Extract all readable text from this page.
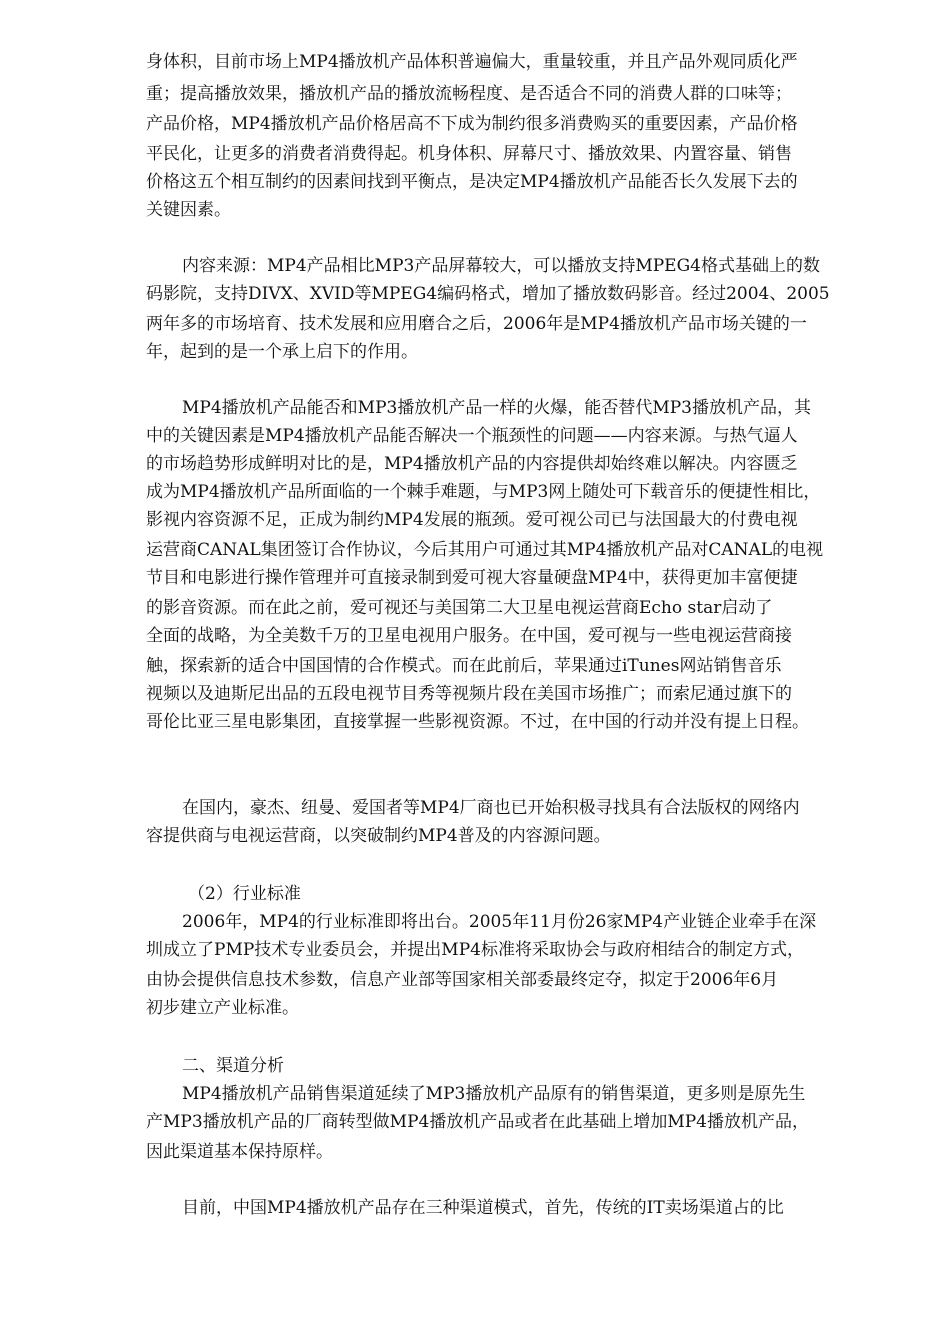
身体积，目前市场上MP4播放机产品体积普遍偏大，重量较重，并且产品外观同质化严
重；提高播放效果，播放机产品的播放流畅程度、是否适合不同的消费人群的口味等；
产品价格，MP4播放机产品价格居高不下成为制约很多消费购买的重要因素，产品价格
平民化，让更多的消费者消费得起。机身体积、屏幕尺寸、播放效果、内置容量、销售
价格这五个相互制约的因素间找到平衡点，是决定MP4播放机产品能否长久发展下去的
关键因素。
内容来源：MP4产品相比MP3产品屏幕较大，可以播放支持MPEG4格式基础上的数
码影院，支持DIVX、XVID等MPEG4编码格式，增加了播放数码影音。经过2004、2005
两年多的市场培育、技术发展和应用磨合之后，2006年是MP4播放机产品市场关键的一
年，起到的是一个承上启下的作用。
MP4播放机产品能否和MP3播放机产品一样的火爆，能否替代MP3播放机产品，其
中的关键因素是MP4播放机产品能否解决一个瓶颈性的问题——内容来源。与热气逼人
的市场趋势形成鲜明对比的是，MP4播放机产品的内容提供却始终难以解决。内容匮乏
成为MP4播放机产品所面临的一个棘手难题，与MP3网上随处可下载音乐的便捷性相比，
影视内容资源不足，正成为制约MP4发展的瓶颈。爱可视公司已与法国最大的付费电视
运营商CANAL集团签订合作协议，今后其用户可通过其MP4播放机产品对CANAL的电视
节目和电影进行操作管理并可直接录制到爱可视大容量硬盘MP4中，获得更加丰富便捷
的影音资源。而在此之前，爱可视还与美国第二大卫星电视运营商Echo star启动了
全面的战略，为全美数千万的卫星电视用户服务。在中国，爱可视与一些电视运营商接
触，探索新的适合中国国情的合作模式。而在此前后，苹果通过iTunes网站销售音乐
视频以及迪斯尼出品的五段电视节目秀等视频片段在美国市场推广；而索尼通过旗下的
哥伦比亚三星电影集团，直接掌握一些影视资源。不过，在中国的行动并没有提上日程。
在国内，豪杰、纽曼、爱国者等MP4厂商也已开始积极寻找具有合法版权的网络内
容提供商与电视运营商，以突破制约MP4普及的内容源问题。
（2）行业标准
2006年，MP4的行业标准即将出台。2005年11月份26家MP4产业链企业牵手在深
圳成立了PMP技术专业委员会，并提出MP4标准将采取协会与政府相结合的制定方式，
由协会提供信息技术参数，信息产业部等国家相关部委最终定夺，拟定于2006年6月
初步建立产业标准。
二、渠道分析
MP4播放机产品销售渠道延续了MP3播放机产品原有的销售渠道，更多则是原先生
产MP3播放机产品的厂商转型做MP4播放机产品或者在此基础上增加MP4播放机产品，
因此渠道基本保持原样。
目前，中国MP4播放机产品存在三种渠道模式，首先，传统的IT卖场渠道占的比
